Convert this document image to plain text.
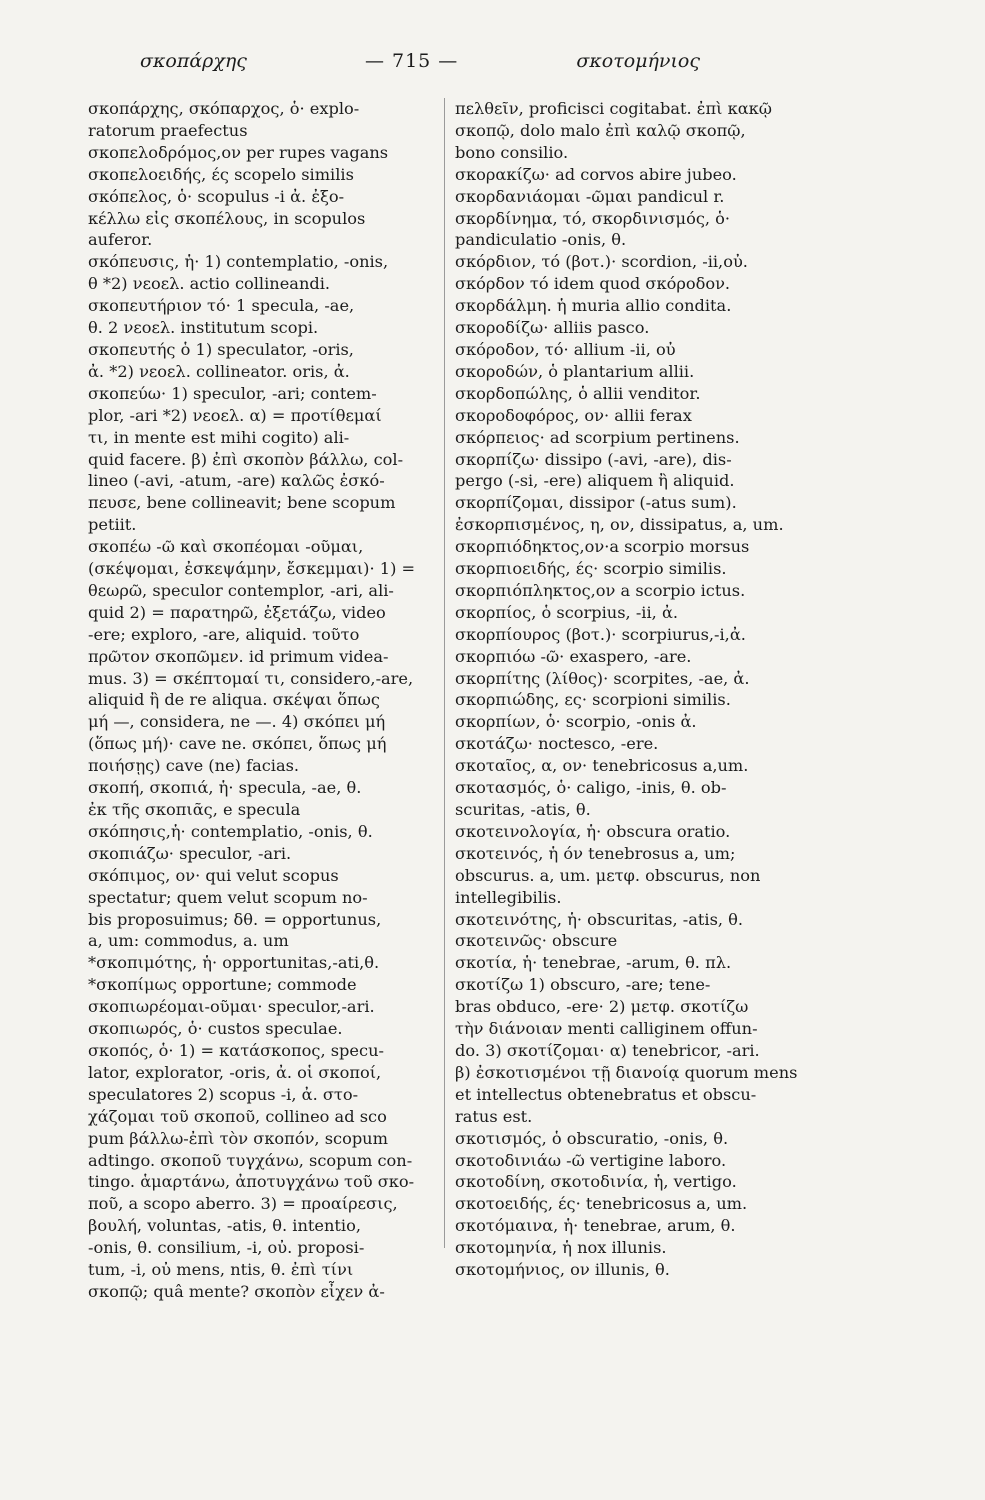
σκοπάρχης	— 715 —	σκοτομήνιος
σκοπάρχης, σκόπαρχος, ὁ· explo-
ratorum praefectus
σκοπελοδρόμος,ον per rupes vagans
σκοπελοειδής, ές scopelo similis
σκόπελος, ὁ· scopulus -i ἀ. ἐξο-
κέλλω εἰς σκοπέλους, in scopulos auferor.
σκόπευσις, ἡ· 1) contemplatio, -onis,
θ *2) νεοελ. actio collineandi.
σκοπευτήριον τό· 1 specula, -ae,
θ. 2 νεοελ. institutum scopi.
σκοπευτής ὁ 1) speculator, -oris,
ἀ. *2) νεοελ. collineator. oris, ἀ.
σκοπεύω· 1) speculor, -ari; contem-
plor, -ari *2) νεοελ. α) = προτίθεμαί
τι, in mente est mihi cogito) ali-
quid facere. β) ἐπὶ σκοπὸν βάλλω, col-
lineo (-avi, -atum, -are) καλῶς ἐσκό-
πευσε, bene collineavit; bene scopum
petiit.
σκοπέω -ῶ καὶ σκοπέομαι -οῦμαι,
(σκέψομαι, ἐσκεψάμην, ἔσκεμμαι)· 1) =
θεωρῶ, speculor contemplor, -ari, ali-
quid 2) = παρατηρῶ, ἐξετάζω, video
-ere; exploro, -are, aliquid. τοῦτο
πρῶτον σκοπῶμεν. id primum videa-
mus. 3) = σκέπτομαί τι, considero,-are,
aliquid ἢ de re aliqua. σκέψαι ὅπως
μή —, considera, ne —. 4) σκόπει μή
(ὅπως μή)· cave ne. σκόπει, ὅπως μή
ποιήσῃς) cave (ne) facias.
σκοπή, σκοπιά, ἡ· specula, -ae, θ.
ἐκ τῆς σκοπιᾶς, e specula
σκόπησις,ἡ· contemplatio, -onis, θ.
σκοπιάζω· speculor, -ari.
σκόπιμος, ον· qui velut scopus
spectatur; quem velut scopum no-
bis proposuimus; δθ. = opportunus,
a, um: commodus, a. um
*σκοπιμότης, ἡ· opportunitas,-ati,θ.
*σκοπίμως opportune; commode
σκοπιωρέομαι-οῦμαι· speculor,-ari.
σκοπιωρός, ὁ· custos speculae.
σκοπός, ὁ· 1) = κατάσκοπος, specu-
lator, explorator, -oris, ἀ. οἱ σκοποί,
speculatores 2) scopus -i, ἀ. στο-
χάζομαι τοῦ σκοποῦ, collineo ad sco
pum βάλλω-ἐπὶ τὸν σκοπόν, scopum
adtingo. σκοποῦ τυγχάνω, scopum con-
tingo. ἁμαρτάνω, ἀποτυγχάνω τοῦ σκο-
ποῦ, a scopo aberro. 3) = προαίρεσις,
βουλή, voluntas, -atis, θ. intentio,
-onis, θ. consilium, -i, οὐ. proposi-
tum, -i, οὐ mens, ntis, θ. ἐπὶ τίνι
σκοπῷ; quâ mente? σκοπὸν εἶχεν ἀ-
πελθεῖν, proficisci cogitabat. ἐπὶ κακῷ
σκοπῷ, dolo malo ἐπὶ καλῷ σκοπῷ,
bono consilio.
σκορακίζω· ad corvos abire jubeo.
σκορδανιάομαι -ῶμαι pandicul r.
σκορδίνημα, τό, σκορδινισμός, ὁ·
pandiculatio -onis, θ.
σκόρδιον, τό (βοτ.)· scordion, -ii,οὐ.
σκόρδον τό idem quod σκόροδον.
σκορδάλμη. ἡ muria allio condita.
σκοροδίζω· alliis pasco.
σκόροδον, τό· allium -ii, οὐ
σκοροδών, ὁ plantarium allii.
σκορδοπώλης, ὁ allii venditor.
σκοροδοφόρος, ον· allii ferax
σκόρπειος· ad scorpium pertinens.
σκορπίζω· dissipo (-avi, -are), dis-
pergo (-si, -ere) aliquem ἢ aliquid.
σκορπίζομαι, dissipor (-atus sum).
ἐσκορπισμένος, η, ον, dissipatus, a, um.
σκορπιόδηκτος,ον·a scorpio morsus
σκορπιοειδής, ές· scorpio similis.
σκορπιόπληκτος,ον a scorpio ictus.
σκορπίος, ὁ scorpius, -ii, ἀ.
σκορπίουρος (βοτ.)· scorpiurus,-i,ἀ.
σκορπιόω -ῶ· exaspero, -are.
σκορπίτης (λίθος)· scorpites, -ae, ἀ.
σκορπιώδης, ες· scorpioni similis.
σκορπίων, ὁ· scorpio, -onis ἀ.
σκοτάζω· noctesco, -ere.
σκοταῖος, α, ον· tenebricosus a,um.
σκοτασμός, ὁ· caligo, -inis, θ. ob-
scuritas, -atis, θ.
σκοτεινολογία, ἡ· obscura oratio.
σκοτεινός, ἡ όν tenebrosus a, um;
obscurus. a, um. μετφ. obscurus, non
intellegibilis.
σκοτεινότης, ἡ· obscuritas, -atis, θ.
σκοτεινῶς· obscure
σκοτία, ἡ· tenebrae, -arum, θ. πλ.
σκοτίζω 1) obscuro, -are; tene-
bras obduco, -ere· 2) μετφ. σκοτίζω
τὴν διάνοιαν menti calliginem offun-
do. 3) σκοτίζομαι· α) tenebricor, -ari.
β) ἐσκοτισμένοι τῇ διανοίᾳ quorum mens
et intellectus obtenebratus et obscu-
ratus est.
σκοτισμός, ὁ obscuratio, -onis, θ.
σκοτοδινιάω -ῶ vertigine laboro.
σκοτοδίνη, σκοτοδινία, ἡ, vertigo.
σκοτοειδής, ές· tenebricosus a, um.
σκοτόμαινα, ἡ· tenebrae, arum, θ.
σκοτομηνία, ἡ nox illunis.
σκοτομήνιος, ον illunis, θ.
